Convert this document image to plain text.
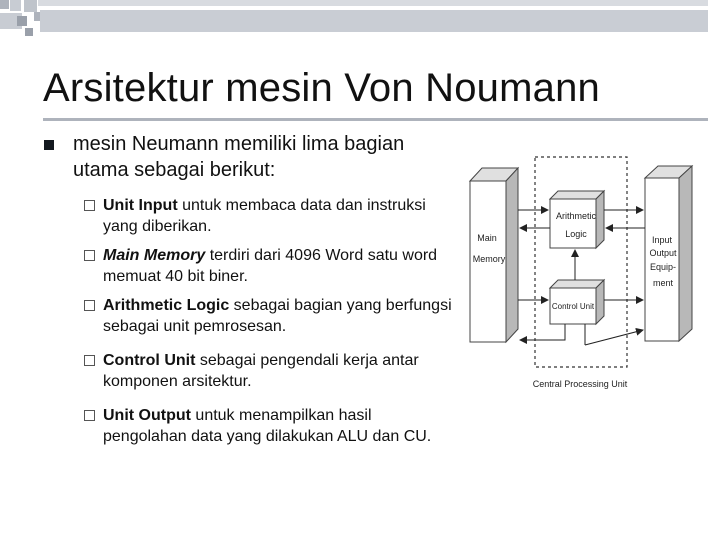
Arsitektur mesin Von Noumann
mesin Neumann memiliki lima bagian utama sebagai berikut:
Unit Input untuk membaca data dan instruksi yang diberikan.
Main Memory terdiri dari 4096 Word satu word memuat 40 bit biner.
Arithmetic Logic sebagai bagian yang berfungsi sebagai unit pemrosesan.
Control Unit sebagai pengendali kerja antar komponen arsitektur.
Unit Output untuk menampilkan hasil pengolahan data yang dilakukan ALU dan CU.
Main
Memory
Arithmetic
Logic
Control Unit
Input
Output
Equip-
ment
Central Processing Unit
